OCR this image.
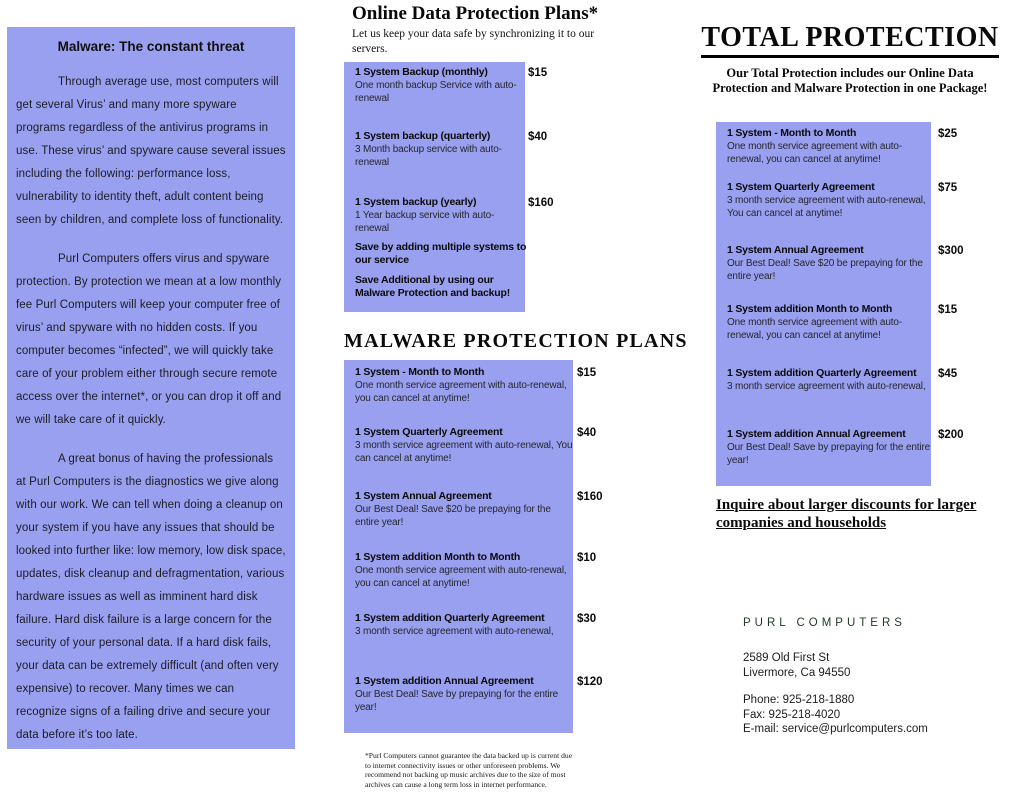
Malware: The constant threat

Through average use, most computers will get several Virus’ and many more spyware programs regardless of the antivirus programs in use. These virus’ and spyware cause several issues including the following: performance loss, vulnerability to identity theft, adult content being seen by children, and complete loss of functionality.

Purl Computers offers virus and spyware protection. By protection we mean at a low monthly fee Purl Computers will keep your computer free of virus’ and spyware with no hidden costs. If you computer becomes “infected”, we will quickly take care of your problem either through secure remote access over the internet*, or you can drop it off and we will take care of it quickly.

A great bonus of having the professionals at Purl Computers is the diagnostics we give along with our work. We can tell when doing a cleanup on your system if you have any issues that should be looked into further like: low memory, low disk space, updates, disk cleanup and defragmentation, various hardware issues as well as imminent hard disk failure. Hard disk failure is a large concern for the security of your personal data. If a hard disk fails, your data can be extremely difficult (and often very expensive) to recover. Many times we can recognize signs of a failing drive and secure your data before it’s too late.

Online Data Protection Plans*
Let us keep your data safe by synchronizing it to our servers.
1 System Backup (monthly)
One month backup Service with auto-renewal
$15
1 System backup (quarterly)
3 Month backup service with auto-renewal
$40
1 System backup (yearly)
1 Year backup service with auto-renewal
$160
Save by adding multiple systems to our service
Save Additional by using our Malware Protection and backup!
MALWARE PROTECTION PLANS
1 System - Month to Month
One month service agreement with auto-renewal, you can cancel at anytime!
$15
1 System Quarterly Agreement
3 month service agreement with auto-renewal, You can cancel at anytime!
$40
1 System Annual Agreement
Our Best Deal! Save $20 be prepaying for the entire year!
$160
1 System addition Month to Month
One month service agreement with auto-renewal, you can cancel at anytime!
$10
1 System addition Quarterly Agreement
3 month service agreement with auto-renewal,
$30
1 System addition Annual Agreement
Our Best Deal! Save by prepaying for the entire year!
$120
*Purl Computers cannot guarantee the data backed up is current due to internet connectivity issues or other unforeseen problems. We recommend not backing up music archives due to the size of most archives can cause a long term loss in internet performance.
TOTAL PROTECTION
Our Total Protection includes our Online Data Protection and Malware Protection in one Package!
1 System - Month to Month
One month service agreement with auto-renewal, you can cancel at anytime!
$25
1 System Quarterly Agreement
3 month service agreement with auto-renewal, You can cancel at anytime!
$75
1 System Annual Agreement
Our Best Deal! Save $20 be prepaying for the entire year!
$300
1 System addition Month to Month
One month service agreement with auto-renewal, you can cancel at anytime!
$15
1 System addition Quarterly Agreement
3 month service agreement with auto-renewal,
$45
1 System addition Annual Agreement
Our Best Deal! Save by prepaying for the entire year!
$200
Inquire about larger discounts for larger companies and households
PURL COMPUTERS
2589 Old First St
Livermore, Ca 94550
Phone: 925-218-1880
Fax: 925-218-4020
E-mail: service@purlcomputers.com
